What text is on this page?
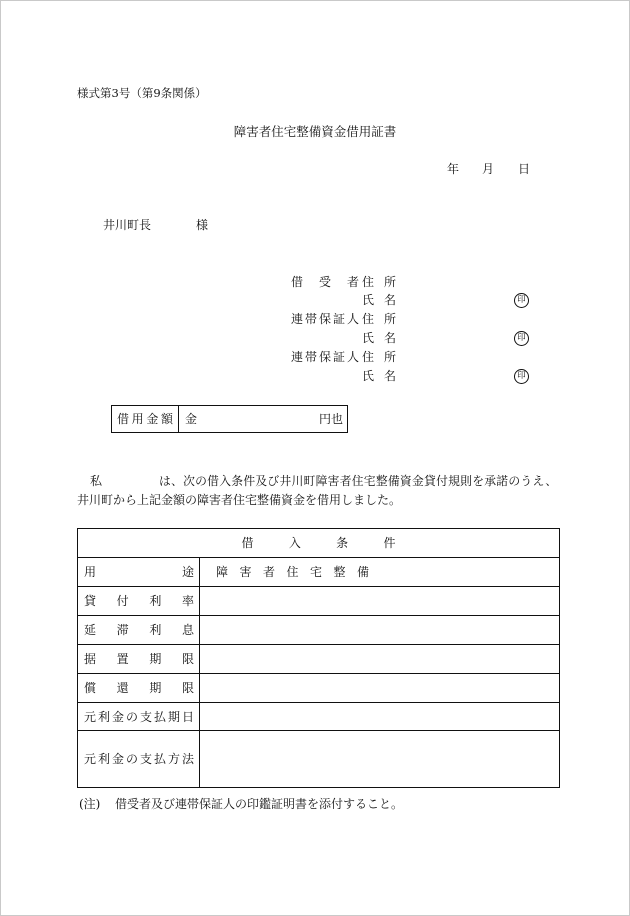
様式第3号（第9条関係）
障害者住宅整備資金借用証書
年 月 日
井川町長	様
借受者 住所
氏名	印
連帯保証人 住所
氏名	印
連帯保証人 住所
氏名	印
借用金額 金	円也
私	は、次の借入条件及び井川町障害者住宅整備資金貸付規則を承諾のうえ、
井川町から上記金額の障害者住宅整備資金を借用しました。
借入条件	

用途	障害者住宅整備

貸付利率	

延滞利息	

据置期限	

償還期限	

元利金の支払期日	

元利金の支払方法	

(注) 借受者及び連帯保証人の印鑑証明書を添付すること。
